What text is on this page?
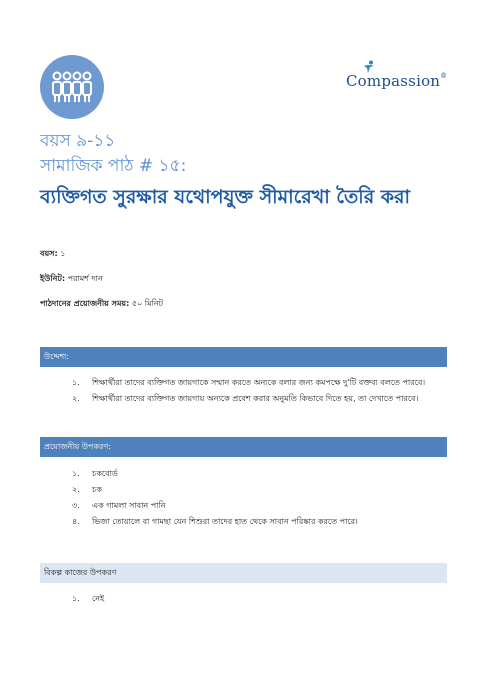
Compassion®
বয়স ৯-১১
সামাজিক পাঠ # ১৫:
ব্যক্তিগত সুরক্ষার যথোপযুক্ত সীমারেখা তৈরি করা
বয়স: ১
ইউনিট: পরামর্শ দান
পাঠদানের প্রয়োজনীয় সময়: ৫০ মিনিট
উদ্দেশ্য:
১.	শিক্ষার্থীরা তাদের ব্যক্তিগত জায়গাকে সম্মান করতে অন্যকে বলার জন্য কমপক্ষে দু'টি বক্তব্য বলতে পারবে।
২.	শিক্ষার্থীরা তাদের ব্যক্তিগত জায়গায় অন্যকে প্রবেশ করার অনুমতি কিভাবে দিতে হয়, তা দেখাতে পারবে।
প্রয়োজনীয় উপকরণ:
১.	চকবোর্ড
২.	চক
৩.	এক গামলা সাবান পানি
৪.	ভিজা তোয়ালে বা গামছা যেন শিশুরা তাদের হাত থেকে সাবান পরিষ্কার করতে পারে।
বিকল্প কাজের উপকরণ
১.	নেই
